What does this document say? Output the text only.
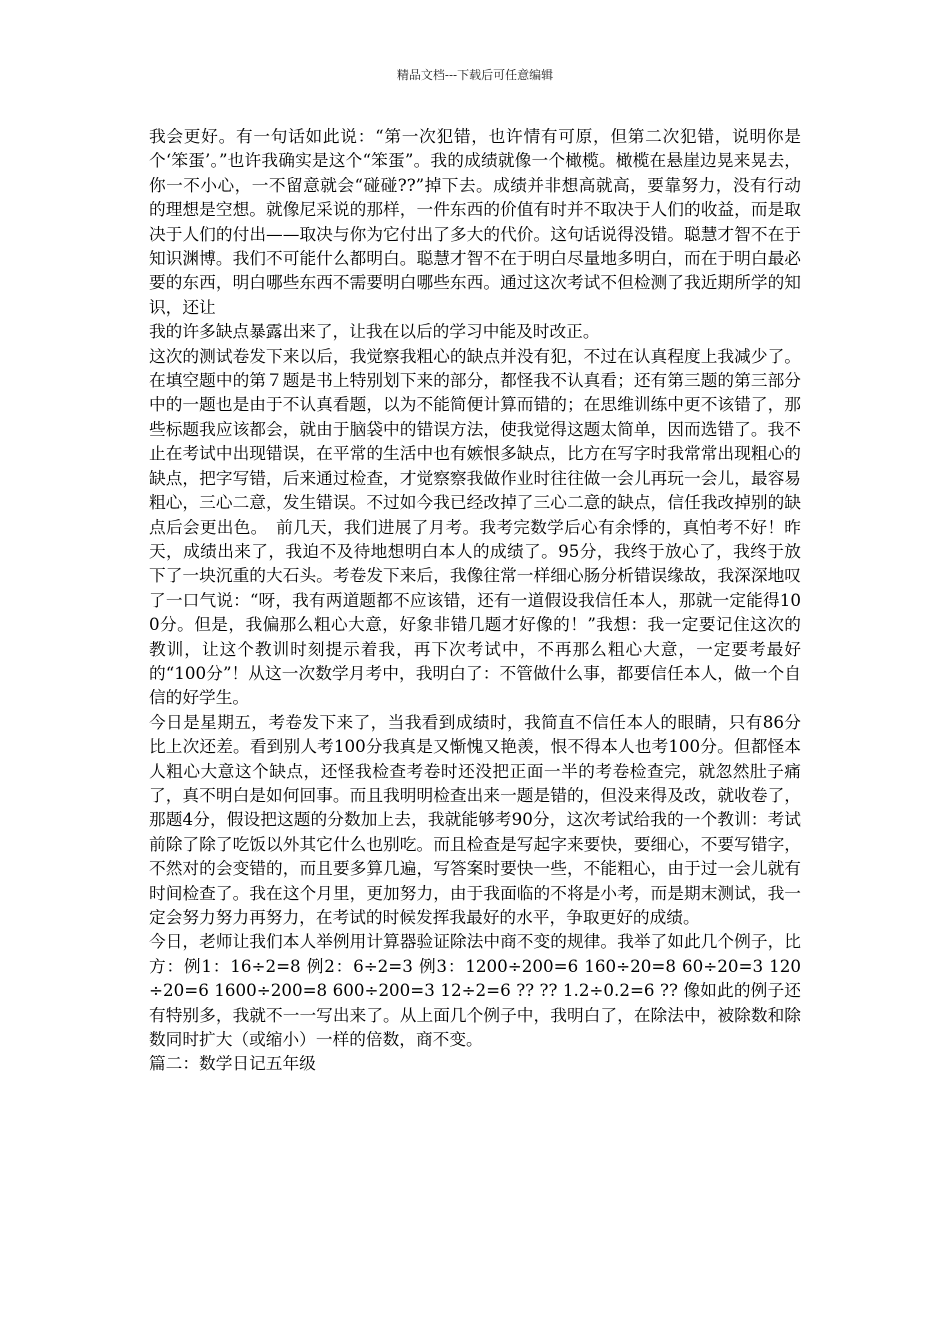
精品文档---下载后可任意编辑

我会更好。有一句话如此说：“第一次犯错，也许情有可原，但第二次犯错，说明你是个‘笨蛋’。”也许我确实是这个“笨蛋”。我的成绩就像一个橄榄。橄榄在悬崖边晃来晃去，你一不小心，一不留意就会“碰碰??”掉下去。成绩并非想高就高，要靠努力，没有行动的理想是空想。就像尼采说的那样，一件东西的价值有时并不取决于人们的收益，而是取决于人们的付出——取决与你为它付出了多大的代价。这句话说得没错。聪慧才智不在于知识渊博。我们不可能什么都明白。聪慧才智不在于明白尽量地多明白，而在于明白最必要的东西，明白哪些东西不需要明白哪些东西。通过这次考试不但检测了我近期所学的知识，还让

我的许多缺点暴露出来了，让我在以后的学习中能及时改正。

这次的测试卷发下来以后，我觉察我粗心的缺点并没有犯，不过在认真程度上我减少了。在填空题中的第７题是书上特别划下来的部分，都怪我不认真看；还有第三题的第三部分中的一题也是由于不认真看题，以为不能简便计算而错的；在思维训练中更不该错了，那些标题我应该都会，就由于脑袋中的错误方法，使我觉得这题太简单，因而选错了。我不止在考试中出现错误，在平常的生活中也有嫉恨多缺点，比方在写字时我常常出现粗心的缺点，把字写错，后来通过检查，才觉察察我做作业时往往做一会儿再玩一会儿，最容易粗心，三心二意，发生错误。不过如今我已经改掉了三心二意的缺点，信任我改掉别的缺点后会更出色。　前几天，我们进展了月考。我考完数学后心有余悸的，真怕考不好！昨天，成绩出来了，我迫不及待地想明白本人的成绩了。95分，我终于放心了，我终于放下了一块沉重的大石头。考卷发下来后，我像往常一样细心肠分析错误缘故，我深深地叹了一口气说：“呀，我有两道题都不应该错，还有一道假设我信任本人，那就一定能得100分。但是，我偏那么粗心大意，好象非错几题才好像的！”我想：我一定要记住这次的教训，让这个教训时刻提示着我，再下次考试中，不再那么粗心大意，一定要考最好的“100分”！从这一次数学月考中，我明白了：不管做什么事，都要信任本人，做一个自信的好学生。

今日是星期五，考卷发下来了，当我看到成绩时，我简直不信任本人的眼睛，只有86分比上次还差。看到别人考100分我真是又惭愧又艳羡，恨不得本人也考100分。但都怪本人粗心大意这个缺点，还怪我检查考卷时还没把正面一半的考卷检查完，就忽然肚子痛了，真不明白是如何回事。而且我明明检查出来一题是错的，但没来得及改，就收卷了，那题4分，假设把这题的分数加上去，我就能够考90分，这次考试给我的一个教训：考试前除了除了吃饭以外其它什么也别吃。而且检查是写起字来要快，要细心，不要写错字，不然对的会变错的，而且要多算几遍，写答案时要快一些，不能粗心，由于过一会儿就有时间检查了。我在这个月里，更加努力，由于我面临的不将是小考，而是期末测试，我一定会努力努力再努力，在考试的时候发挥我最好的水平，争取更好的成绩。

今日，老师让我们本人举例用计算器验证除法中商不变的规律。我举了如此几个例子，比方：例1：16÷2=8 例2：6÷2=3 例3：1200÷200=6 160÷20=8 60÷20=3 120÷20=6 1600÷200=8 600÷200=3 12÷2=6 ?? ?? 1.2÷0.2=6 ?? 像如此的例子还有特别多，我就不一一写出来了。从上面几个例子中，我明白了，在除法中，被除数和除数同时扩大（或缩小）一样的倍数，商不变。

篇二：数学日记五年级
